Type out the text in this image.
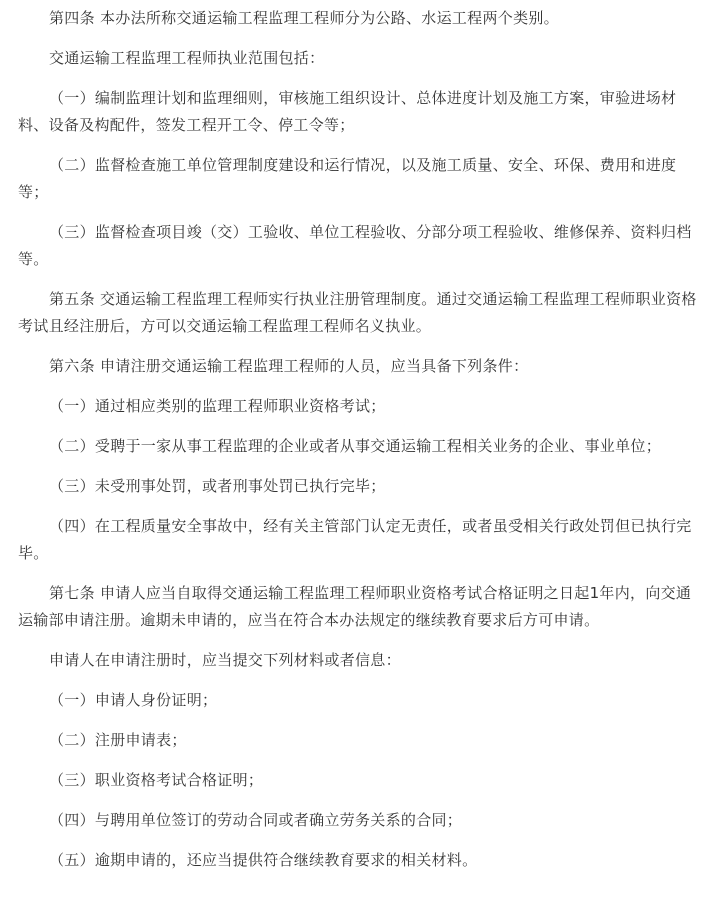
第四条 本办法所称交通运输工程监理工程师分为公路、水运工程两个类别。

交通运输工程监理工程师执业范围包括：

（一）编制监理计划和监理细则，审核施工组织设计、总体进度计划及施工方案，审验进场材料、设备及构配件，签发工程开工令、停工令等；

（二）监督检查施工单位管理制度建设和运行情况，以及施工质量、安全、环保、费用和进度等；

（三）监督检查项目竣（交）工验收、单位工程验收、分部分项工程验收、维修保养、资料归档等。

第五条 交通运输工程监理工程师实行执业注册管理制度。通过交通运输工程监理工程师职业资格考试且经注册后，方可以交通运输工程监理工程师名义执业。

第六条 申请注册交通运输工程监理工程师的人员，应当具备下列条件：

（一）通过相应类别的监理工程师职业资格考试；

（二）受聘于一家从事工程监理的企业或者从事交通运输工程相关业务的企业、事业单位；

（三）未受刑事处罚，或者刑事处罚已执行完毕；

（四）在工程质量安全事故中，经有关主管部门认定无责任，或者虽受相关行政处罚但已执行完毕。

第七条 申请人应当自取得交通运输工程监理工程师职业资格考试合格证明之日起1年内，向交通运输部申请注册。逾期未申请的，应当在符合本办法规定的继续教育要求后方可申请。

申请人在申请注册时，应当提交下列材料或者信息：

（一）申请人身份证明；

（二）注册申请表；

（三）职业资格考试合格证明；

（四）与聘用单位签订的劳动合同或者确立劳务关系的合同；

（五）逾期申请的，还应当提供符合继续教育要求的相关材料。
